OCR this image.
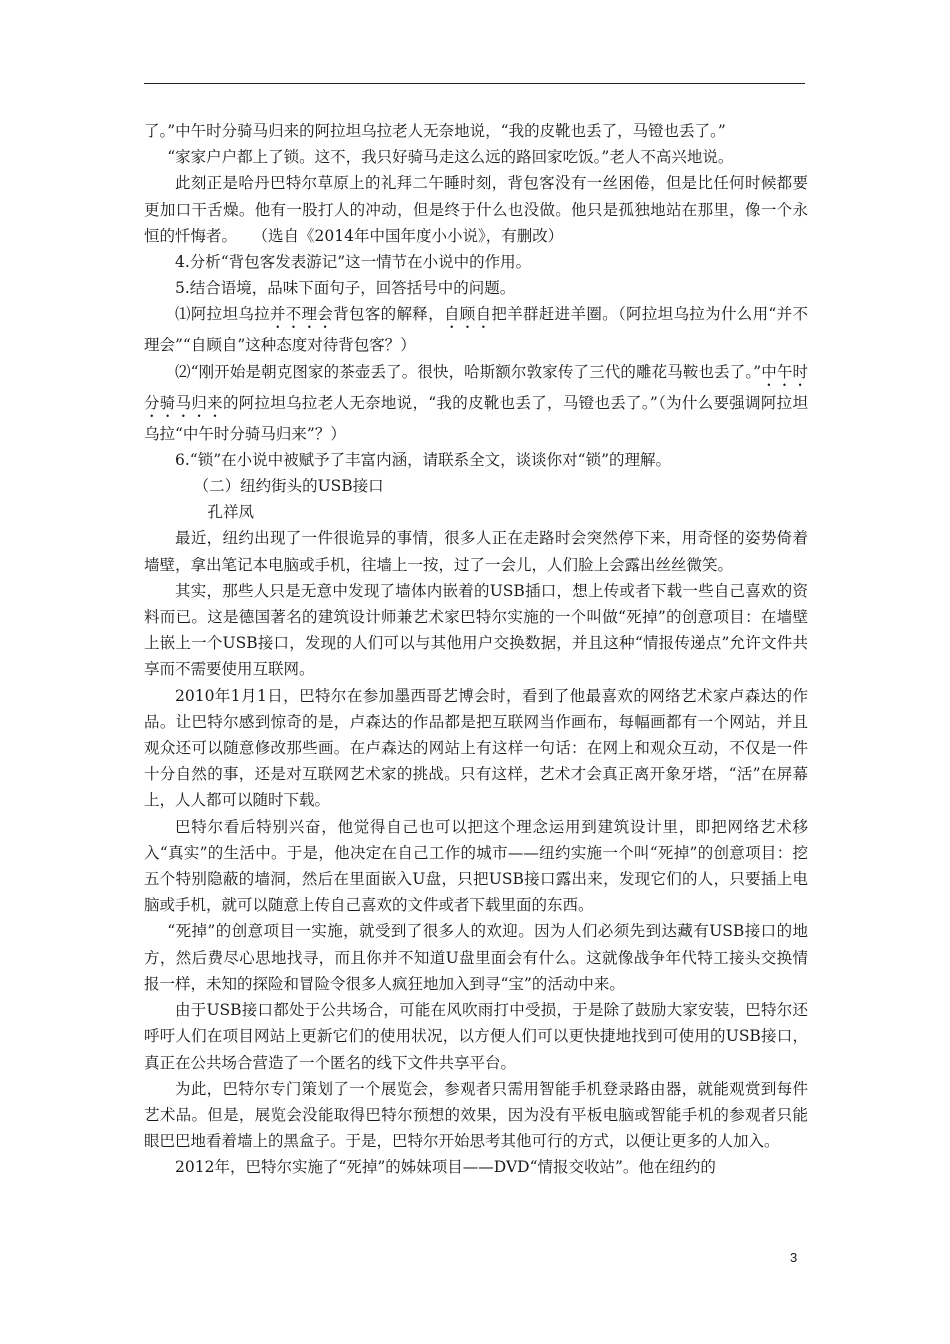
了。”中午时分骑马归来的阿拉坦乌拉老人无奈地说，“我的皮靴也丢了，马镫也丢了。”

“家家户户都上了锁。这不，我只好骑马走这么远的路回家吃饭。”老人不高兴地说。

此刻正是哈丹巴特尔草原上的礼拜二午睡时刻，背包客没有一丝困倦，但是比任何时候都要更加口干舌燥。他有一股打人的冲动，但是终于什么也没做。他只是孤独地站在那里，像一个永恒的忏悔者。　　（选自《2014年中国年度小小说》，有删改）

4.分析“背包客发表游记”这一情节在小说中的作用。

5.结合语境，品味下面句子，回答括号中的问题。

⑴阿拉坦乌拉并不理会背包客的解释，自顾自把羊群赶进羊圈。（阿拉坦乌拉为什么用“并不理会”“自顾自”这种态度对待背包客？）

⑵“刚开始是朝克图家的茶壶丢了。很快，哈斯额尔敦家传了三代的雕花马鞍也丢了。”中午时分骑马归来的阿拉坦乌拉老人无奈地说，“我的皮靴也丢了，马镫也丢了。”（为什么要强调阿拉坦乌拉“中午时分骑马归来”？）

6.“锁”在小说中被赋予了丰富内涵，请联系全文，谈谈你对“锁”的理解。

（二）纽约街头的USB接口

孔祥凤

最近，纽约出现了一件很诡异的事情，很多人正在走路时会突然停下来，用奇怪的姿势倚着墙壁，拿出笔记本电脑或手机，往墙上一按，过了一会儿，人们脸上会露出丝丝微笑。

其实，那些人只是无意中发现了墙体内嵌着的USB插口，想上传或者下载一些自己喜欢的资料而已。这是德国著名的建筑设计师兼艺术家巴特尔实施的一个叫做“死掉”的创意项目：在墙壁上嵌上一个USB接口，发现的人们可以与其他用户交换数据，并且这种“情报传递点”允许文件共享而不需要使用互联网。

2010年1月1日，巴特尔在参加墨西哥艺博会时，看到了他最喜欢的网络艺术家卢森达的作品。让巴特尔感到惊奇的是，卢森达的作品都是把互联网当作画布，每幅画都有一个网站，并且观众还可以随意修改那些画。在卢森达的网站上有这样一句话：在网上和观众互动，不仅是一件十分自然的事，还是对互联网艺术家的挑战。只有这样，艺术才会真正离开象牙塔，“活”在屏幕上，人人都可以随时下载。

巴特尔看后特别兴奋，他觉得自己也可以把这个理念运用到建筑设计里，即把网络艺术移入“真实”的生活中。于是，他决定在自己工作的城市——纽约实施一个叫“死掉”的创意项目：挖五个特别隐蔽的墙洞，然后在里面嵌入U盘，只把USB接口露出来，发现它们的人，只要插上电脑或手机，就可以随意上传自己喜欢的文件或者下载里面的东西。

“死掉”的创意项目一实施，就受到了很多人的欢迎。因为人们必须先到达藏有USB接口的地方，然后费尽心思地找寻，而且你并不知道U盘里面会有什么。这就像战争年代特工接头交换情报一样，未知的探险和冒险令很多人疯狂地加入到寻“宝”的活动中来。

由于USB接口都处于公共场合，可能在风吹雨打中受损，于是除了鼓励大家安装，巴特尔还呼吁人们在项目网站上更新它们的使用状况，以方便人们可以更快捷地找到可使用的USB接口，真正在公共场合营造了一个匿名的线下文件共享平台。

为此，巴特尔专门策划了一个展览会，参观者只需用智能手机登录路由器，就能观赏到每件艺术品。但是，展览会没能取得巴特尔预想的效果，因为没有平板电脑或智能手机的参观者只能眼巴巴地看着墙上的黑盒子。于是，巴特尔开始思考其他可行的方式，以便让更多的人加入。

2012年，巴特尔实施了“死掉”的姊妹项目——DVD“情报交收站”。他在纽约的

3
